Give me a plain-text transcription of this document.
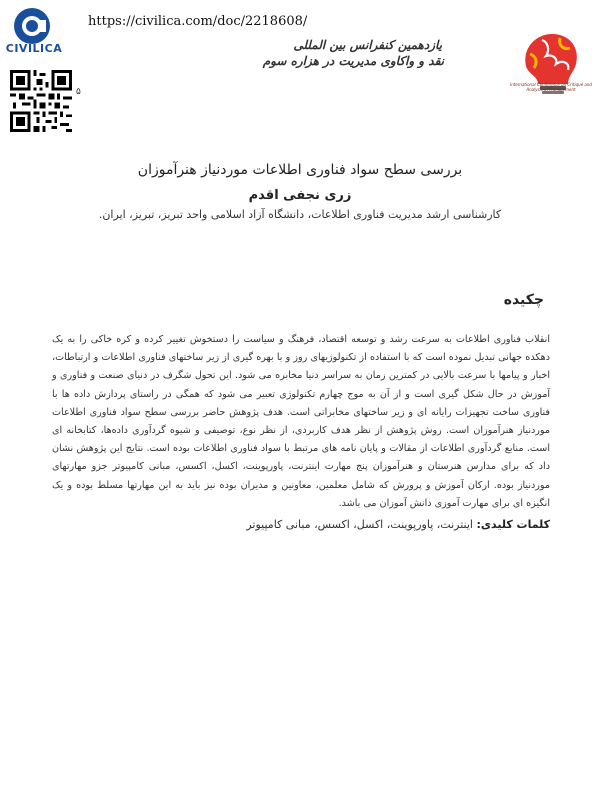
CIVILICA
https://civilica.com/doc/2218608/
۵
یازدهمین کنفرانس بین المللی
نقد و واکاوی مدیریت در هزاره سوم
International Conference on Critique and Analysis of Management
بررسی سطح سواد فناوری اطلاعات موردنیاز هنرآموزان
زری نجفی اقدم
کارشناسی ارشد مدیریت فناوری اطلاعات، دانشگاه آزاد اسلامی واحد تبریز، تبریز، ایران.
چکیده

انقلاب فناوری اطلاعات به سرعت رشد و توسعه اقتصاد، فرهنگ و سیاست را دستخوش تغییر کرده و کره خاکی را به یک دهکده جهانی تبدیل نموده است که با استفاده از تکنولوژیهای روز و با بهره گیری از زیر ساختهای فناوری اطلاعات و ارتباطات، اخبار و پیامها با سرعت بالایی در کمترین زمان به سراسر دنیا مخابره می شود. این تحول شگرف در دنیای صنعت و فناوری و آموزش در حال شکل گیری است و از آن به موج چهارم تکنولوژی تعبیر می شود که همگی در راستای پردازش داده ها با فناوری ساخت تجهیزات رایانه ای و زیر ساختهای مخابراتی است. هدف پژوهش حاضر بررسی سطح سواد فناوری اطلاعات موردنیاز هنرآموزان است. روش پژوهش از نظر هدف کاربردی، از نظر نوع، توصیفی و شیوه گردآوری داده‌ها، کتابخانه ای است. منابع گردآوری اطلاعات از مقالات و پایان نامه های مرتبط با سواد فناوری اطلاعات بوده است. نتایج این پژوهش نشان داد که برای مدارس هنرستان و هنرآموزان پنج مهارت اینترنت، پاورپوینت، اکسل، اکسس، مبانی کامپیوتر جزو مهارتهای موردنیاز بوده. ارکان آموزش و پرورش که شامل معلمین، معاونین و مدیران بوده نیز باید به این مهارتها مسلط بوده و یک انگیزه ای برای مهارت آموزی دانش آموزان می باشد.

کلمات کلیدی: اینترنت، پاورپوینت، اکسل، اکسس، مبانی کامپیوتر
